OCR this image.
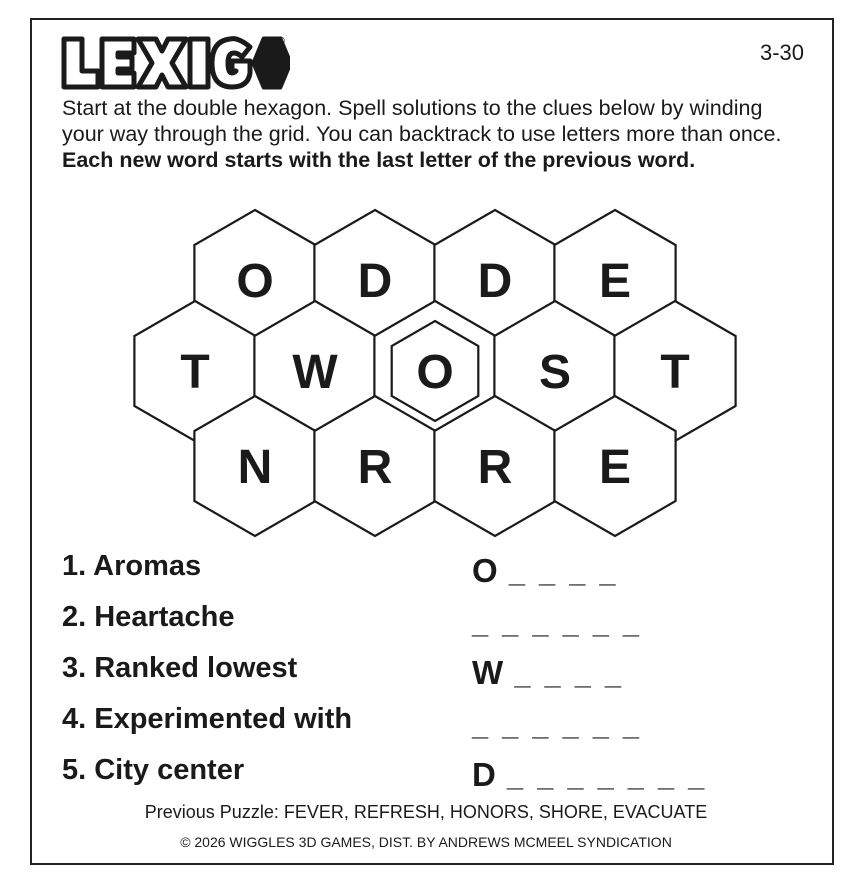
®	3-30
Start at the double hexagon. Spell solutions to the clues below by winding your way through the grid. You can backtrack to use letters more than once. Each new word starts with the last letter of the previous word.
O D D E
T W O S T
N R R E
1. Aromas	O _ _ _ _
2. Heartache	_ _ _ _ _ _
3. Ranked lowest	W _ _ _ _
4. Experimented with	_ _ _ _ _ _
5. City center	D _ _ _ _ _ _ _
Previous Puzzle: FEVER, REFRESH, HONORS, SHORE, EVACUATE
© 2026 WIGGLES 3D GAMES, DIST. BY ANDREWS MCMEEL SYNDICATION
